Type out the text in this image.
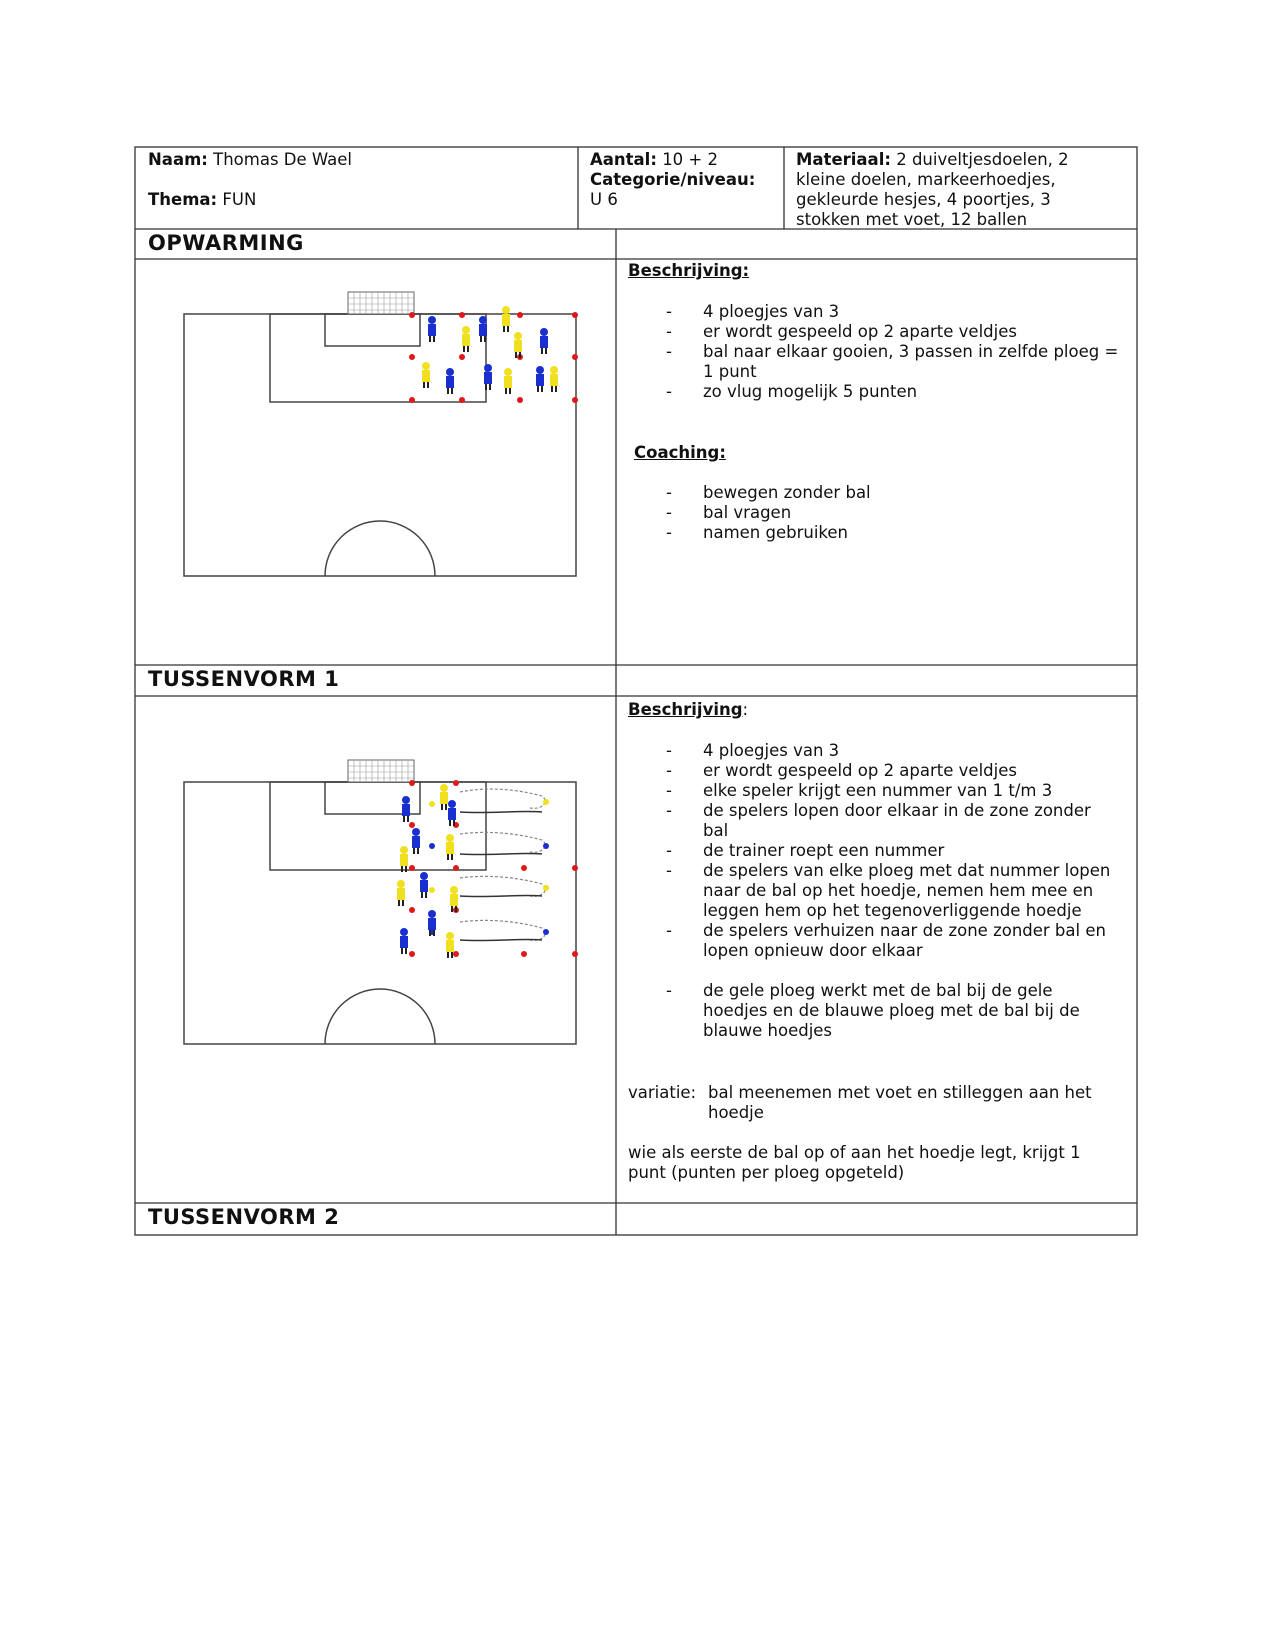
Naam: Thomas De Wael
Thema: FUN
Aantal: 10 + 2
Categorie/niveau:
U 6
Materiaal: 2 duiveltjesdoelen, 2
kleine doelen, markeerhoedjes,
gekleurde hesjes, 4 poortjes, 3
stokken met voet, 12 ballen
OPWARMING
Beschrijving:
- 4 ploegjes van 3
- er wordt gespeeld op 2 aparte veldjes
- bal naar elkaar gooien, 3 passen in zelfde ploeg =
1 punt
- zo vlug mogelijk 5 punten
Coaching:
- bewegen zonder bal
- bal vragen
- namen gebruiken
TUSSENVORM 1
Beschrijving:
- 4 ploegjes van 3
- er wordt gespeeld op 2 aparte veldjes
- elke speler krijgt een nummer van 1 t/m 3
- de spelers lopen door elkaar in de zone zonder
bal
- de trainer roept een nummer
- de spelers van elke ploeg met dat nummer lopen
naar de bal op het hoedje, nemen hem mee en
leggen hem op het tegenoverliggende hoedje
- de spelers verhuizen naar de zone zonder bal en
lopen opnieuw door elkaar
- de gele ploeg werkt met de bal bij de gele
hoedjes en de blauwe ploeg met de bal bij de
blauwe hoedjes
variatie: bal meenemen met voet en stilleggen aan het
hoedje
wie als eerste de bal op of aan het hoedje legt, krijgt 1
punt (punten per ploeg opgeteld)
TUSSENVORM 2
